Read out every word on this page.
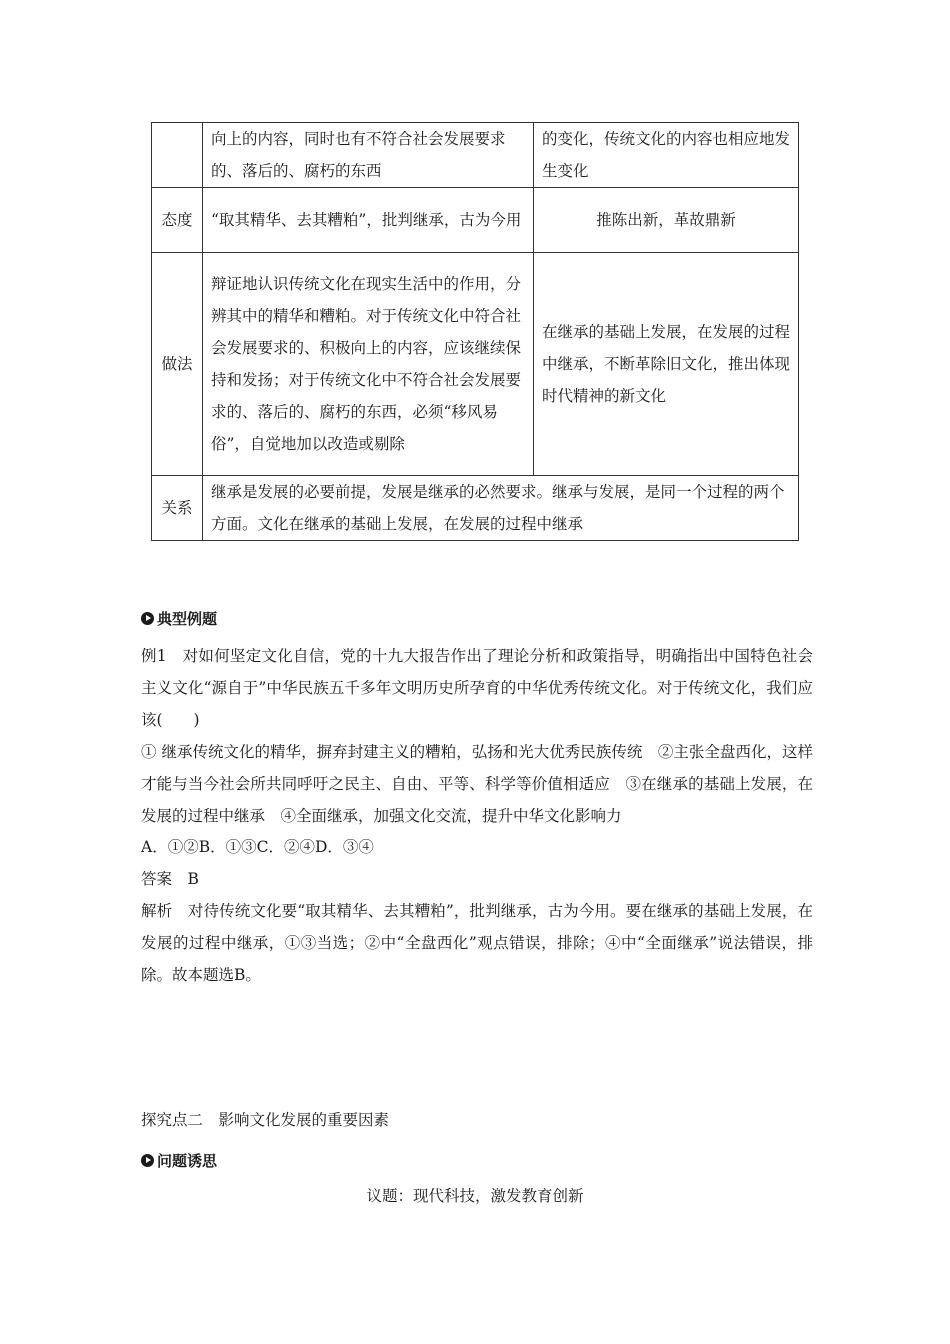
	向上的内容，同时也有不符合社会发展要求的、落后的、腐朽的东西	的变化，传统文化的内容也相应地发生变化
态度	“取其精华、去其糟粕”，批判继承，古为今用	推陈出新，革故鼎新
做法	辩证地认识传统文化在现实生活中的作用，分辨其中的精华和糟粕。对于传统文化中符合社会发展要求的、积极向上的内容，应该继续保持和发扬；对于传统文化中不符合社会发展要求的、落后的、腐朽的东西，必须“移风易俗”，自觉地加以改造或剔除	在继承的基础上发展，在发展的过程中继承，不断革除旧文化，推出体现时代精神的新文化
关系	继承是发展的必要前提，发展是继承的必然要求。继承与发展，是同一个过程的两个方面。文化在继承的基础上发展，在发展的过程中继承	
典型例题

例1　对如何坚定文化自信，党的十九大报告作出了理论分析和政策指导，明确指出中国特色社会主义文化“源自于”中华民族五千多年文明历史所孕育的中华优秀传统文化。对于传统文化，我们应该(　　)

① 继承传统文化的精华，摒弃封建主义的糟粕，弘扬和光大优秀民族传统　②主张全盘西化，这样才能与当今社会所共同呼吁之民主、自由、平等、科学等价值相适应　③在继承的基础上发展，在发展的过程中继承　④全面继承，加强文化交流，提升中华文化影响力

A．①②B．①③C．②④D．③④

答案　B

解析　对待传统文化要“取其精华、去其糟粕”，批判继承，古为今用。要在继承的基础上发展，在发展的过程中继承，①③当选；②中“全盘西化”观点错误，排除；④中“全面继承”说法错误，排除。故本题选B。

探究点二　影响文化发展的重要因素

问题诱思

议题：现代科技，激发教育创新
